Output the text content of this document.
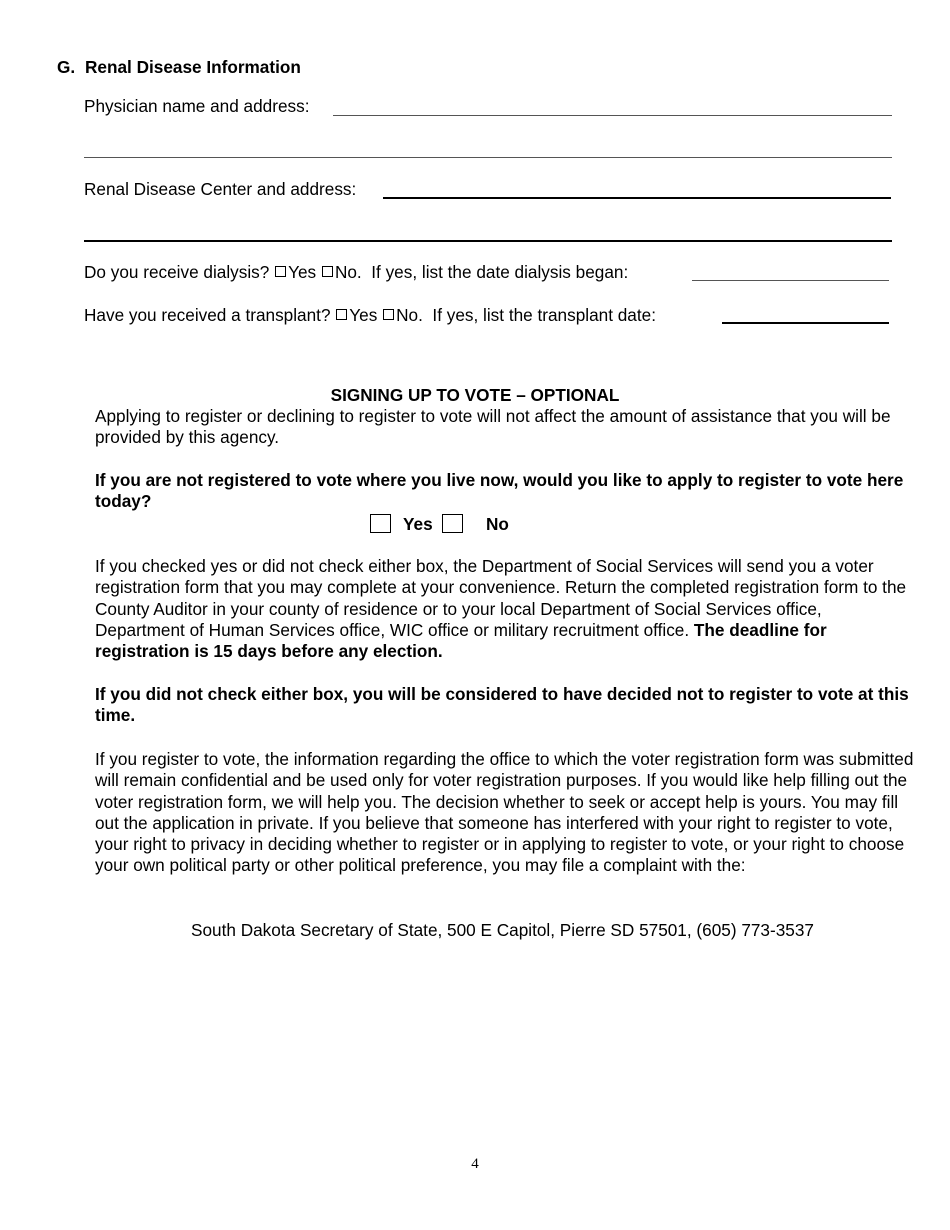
G. Renal Disease Information
Physician name and address:
Renal Disease Center and address:
Do you receive dialysis? Yes No. If yes, list the date dialysis began:
Have you received a transplant? Yes No. If yes, list the transplant date:
SIGNING UP TO VOTE – OPTIONAL
Applying to register or declining to register to vote will not affect the amount of assistance that you will be provided by this agency.
If you are not registered to vote where you live now, would you like to apply to register to vote here today?
Yes	No
If you checked yes or did not check either box, the Department of Social Services will send you a voter registration form that you may complete at your convenience. Return the completed registration form to the County Auditor in your county of residence or to your local Department of Social Services office, Department of Human Services office, WIC office or military recruitment office. The deadline for registration is 15 days before any election.
If you did not check either box, you will be considered to have decided not to register to vote at this time.
If you register to vote, the information regarding the office to which the voter registration form was submitted will remain confidential and be used only for voter registration purposes. If you would like help filling out the voter registration form, we will help you. The decision whether to seek or accept help is yours. You may fill out the application in private. If you believe that someone has interfered with your right to register to vote, your right to privacy in deciding whether to register or in applying to register to vote, or your right to choose your own political party or other political preference, you may file a complaint with the:
South Dakota Secretary of State, 500 E Capitol, Pierre SD 57501, (605) 773-3537
4
